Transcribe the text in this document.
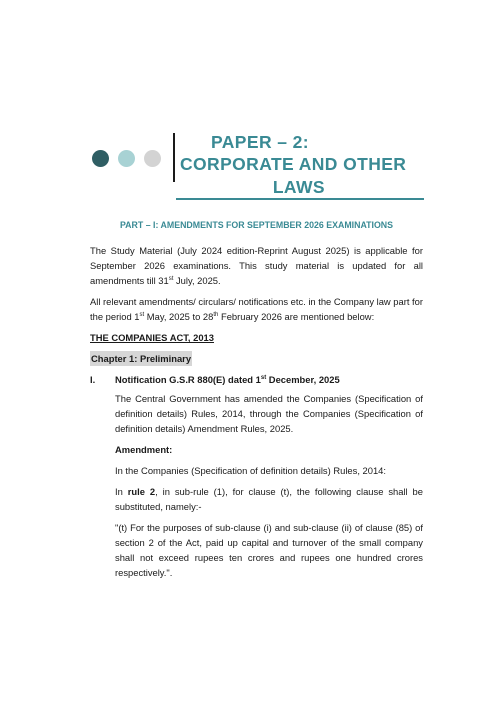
PAPER – 2:
CORPORATE AND OTHER
LAWS
PART – I: AMENDMENTS FOR SEPTEMBER 2026 EXAMINATIONS

The Study Material (July 2024 edition-Reprint August 2025) is applicable for September 2026 examinations. This study material is updated for all amendments till 31st July, 2025.

All relevant amendments/ circulars/ notifications etc. in the Company law part for the period 1st May, 2025 to 28th February 2026 are mentioned below:

THE COMPANIES ACT, 2013
Chapter 1: Preliminary
I.	Notification G.S.R 880(E) dated 1st December, 2025

The Central Government has amended the Companies (Specification of definition details) Rules, 2014, through the Companies (Specification of definition details) Amendment Rules, 2025.

Amendment:

In the Companies (Specification of definition details) Rules, 2014:

In rule 2, in sub-rule (1), for clause (t), the following clause shall be substituted, namely:-

"(t) For the purposes of sub-clause (i) and sub-clause (ii) of clause (85) of section 2 of the Act, paid up capital and turnover of the small company shall not exceed rupees ten crores and rupees one hundred crores respectively.".
